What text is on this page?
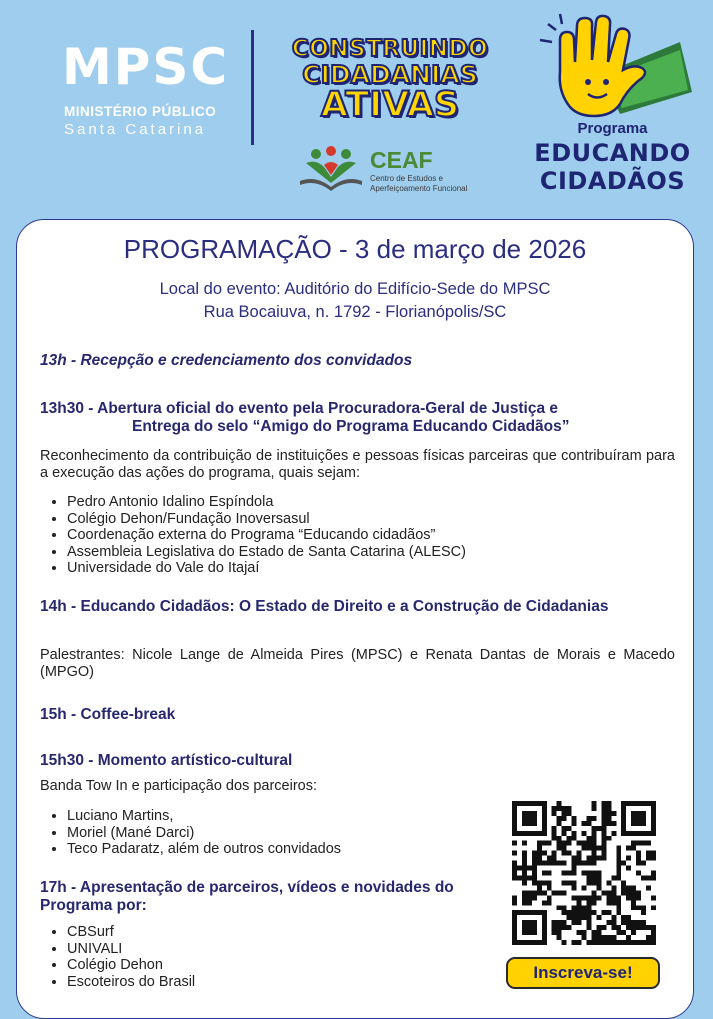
MPSC
MINISTÉRIO PÚBLICO
Santa Catarina
CONSTRUINDO
CIDADANIAS
ATIVAS
CEAF
Centro de Estudos e
Aperfeiçoamento Funcional
Programa
EDUCANDO
CIDADÃOS
PROGRAMAÇÃO - 3 de março de 2026
Local do evento: Auditório do Edifício-Sede do MPSC
Rua Bocaiuva, n. 1792 - Florianópolis/SC
13h - Recepção e credenciamento dos convidados
13h30 - Abertura oficial do evento pela Procuradora-Geral de Justiça e
Entrega do selo “Amigo do Programa Educando Cidadãos”
Reconhecimento da contribuição de instituições e pessoas físicas parceiras que contribuíram para a execução das ações do programa, quais sejam:
• Pedro Antonio Idalino Espíndola
• Colégio Dehon/Fundação Inoversasul
• Coordenação externa do Programa “Educando cidadãos”
• Assembleia Legislativa do Estado de Santa Catarina (ALESC)
• Universidade do Vale do Itajaí
14h - Educando Cidadãos: O Estado de Direito e a Construção de Cidadanias
Palestrantes: Nicole Lange de Almeida Pires (MPSC) e Renata Dantas de Morais e Macedo (MPGO)
15h - Coffee-break
15h30 - Momento artístico-cultural
Banda Tow In e participação dos parceiros:
• Luciano Martins,
• Moriel (Mané Darci)
• Teco Padaratz, além de outros convidados
17h - Apresentação de parceiros, vídeos e novidades do Programa por:
• CBSurf
• UNIVALI
• Colégio Dehon
• Escoteiros do Brasil	Inscreva-se!
